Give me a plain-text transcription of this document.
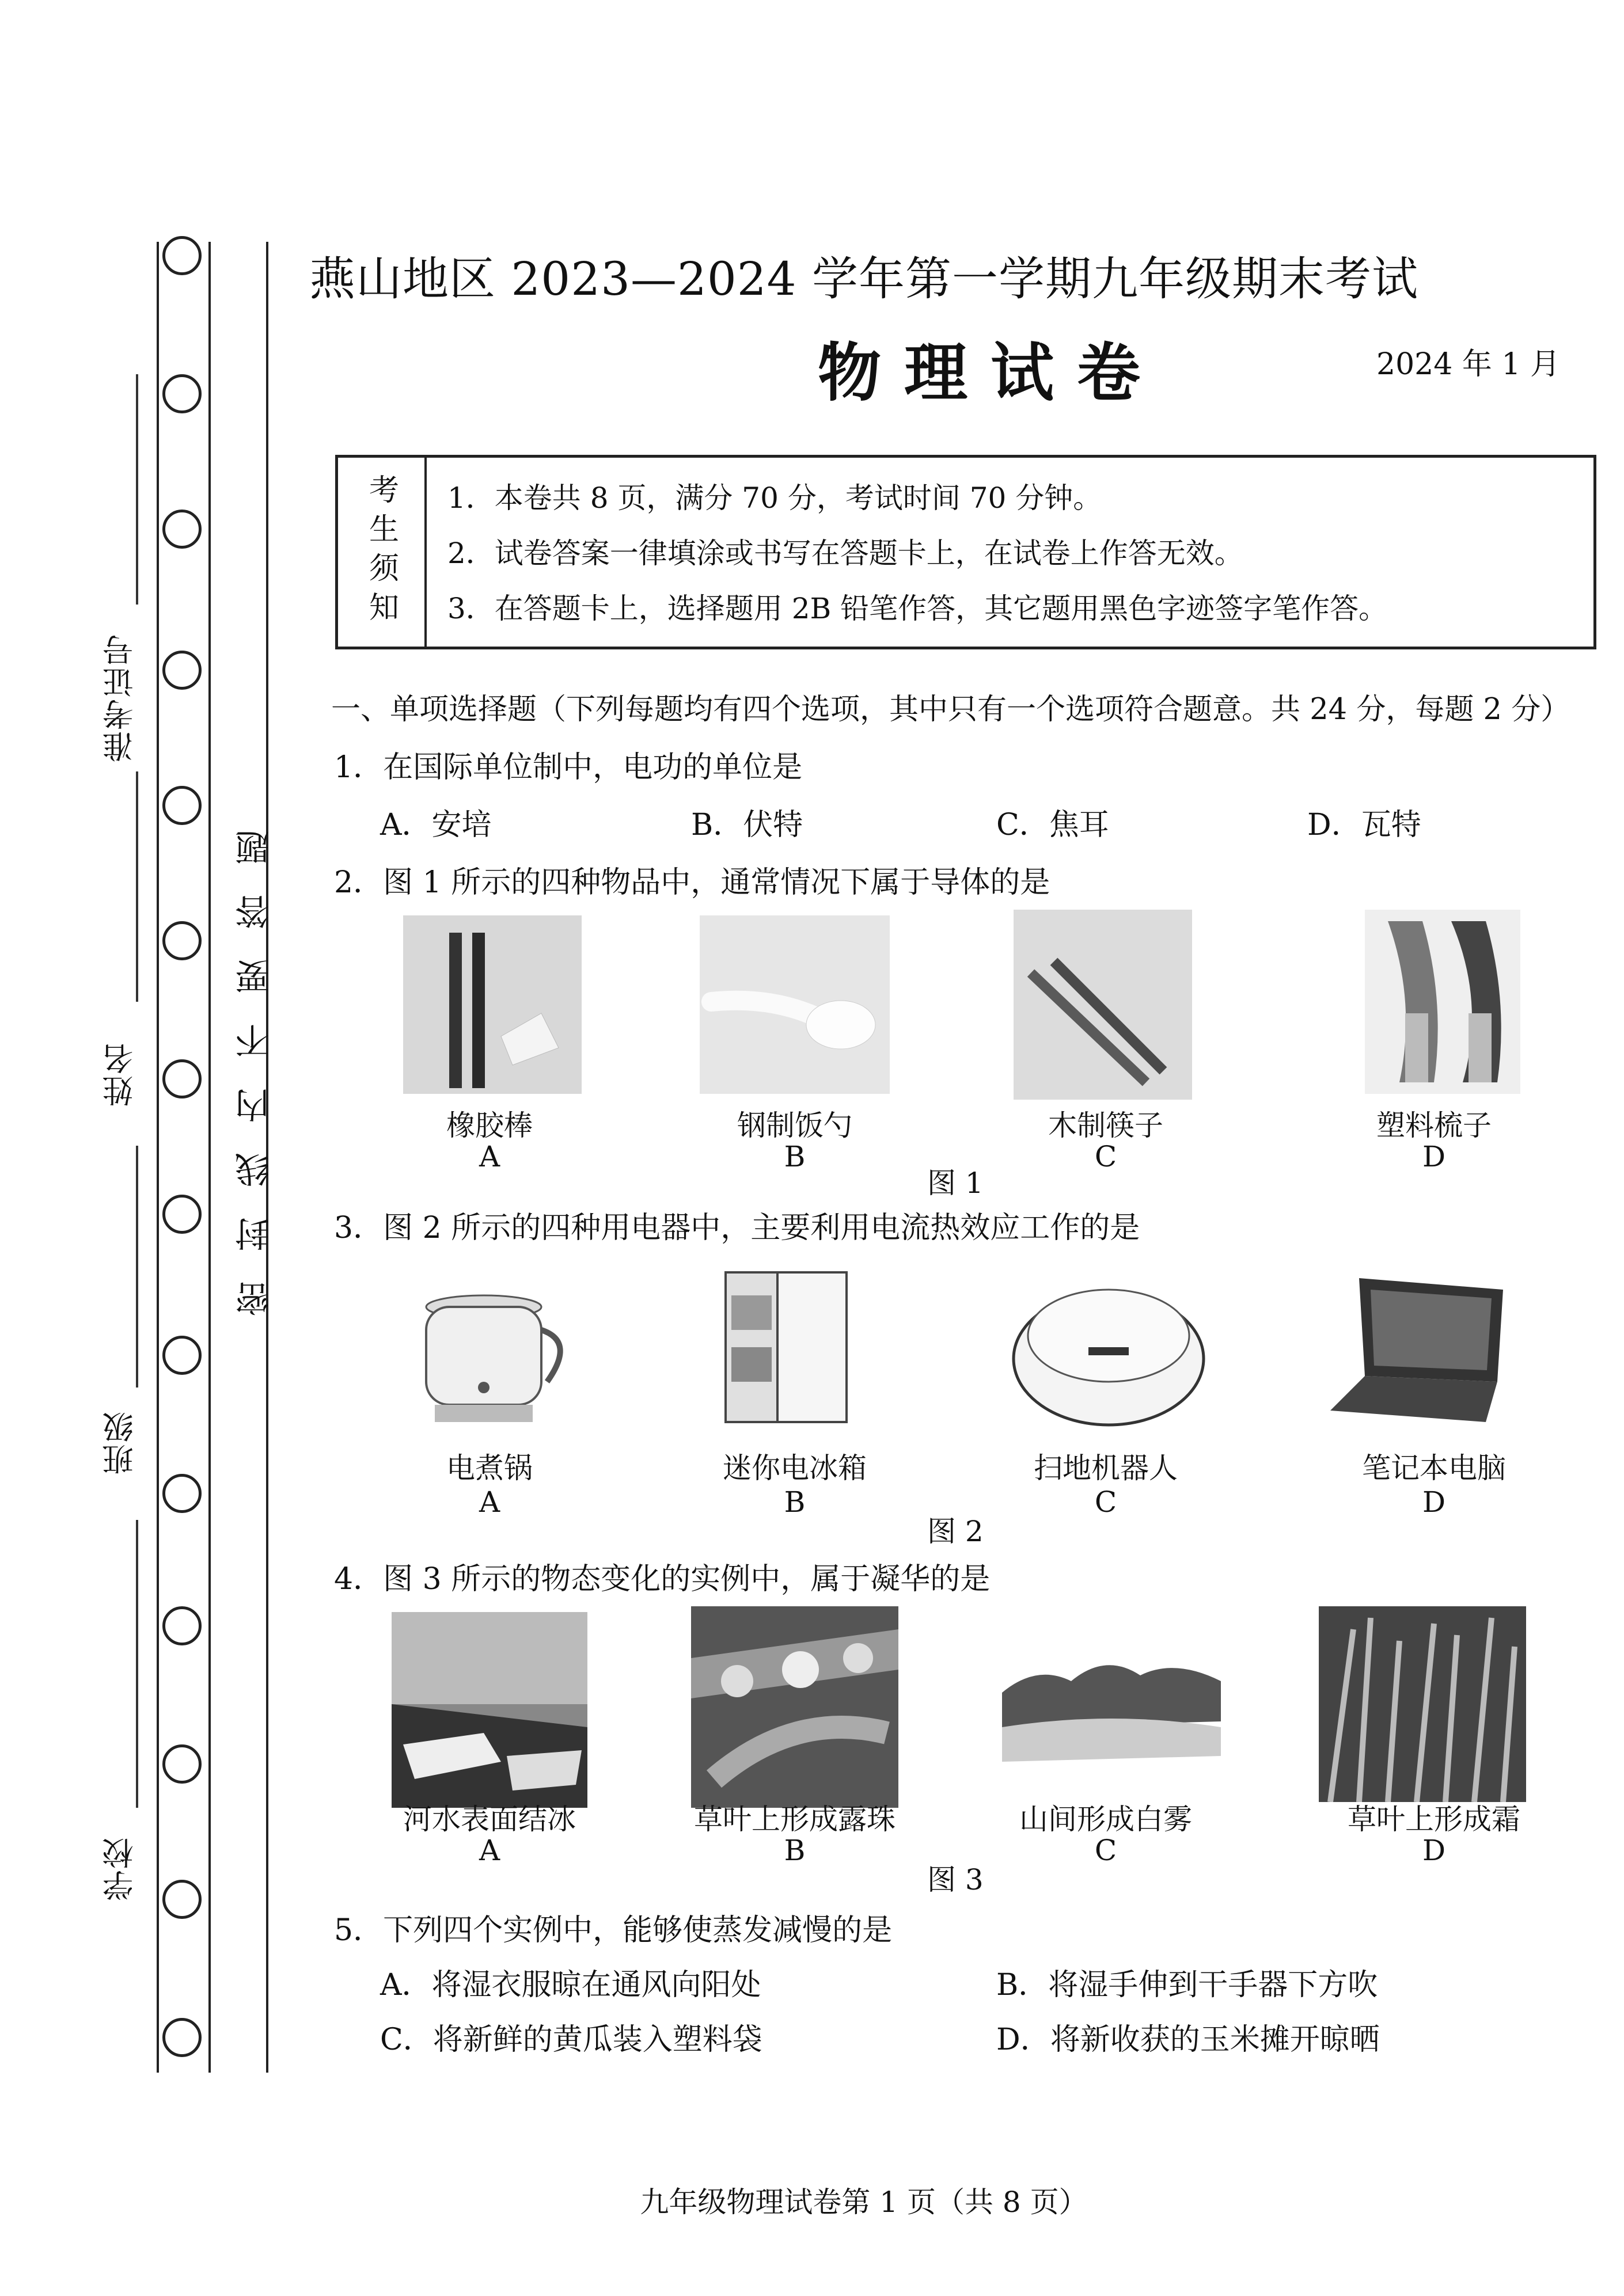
准考证号
姓名
班级
学校
密封线内不要答题
燕山地区 2023—2024 学年第一学期九年级期末考试
物理试卷	2024 年 1 月
考生须知 1．本卷共 8 页，满分 70 分，考试时间 70 分钟。
2．试卷答案一律填涂或书写在答题卡上，在试卷上作答无效。
3．在答题卡上，选择题用 2B 铅笔作答，其它题用黑色字迹签字笔作答。
一、单项选择题（下列每题均有四个选项，其中只有一个选项符合题意。共 24 分，每题 2 分）
1．在国际单位制中，电功的单位是
A．安培	B．伏特	C．焦耳	D．瓦特
2．图 1 所示的四种物品中，通常情况下属于导体的是
橡胶棒
A
钢制饭勺
B
木制筷子
C
塑料梳子
D
图 1
3．图 2 所示的四种用电器中，主要利用电流热效应工作的是
电煮锅
A
迷你电冰箱
B
扫地机器人
C
笔记本电脑
D
图 2
4．图 3 所示的物态变化的实例中，属于凝华的是
河水表面结冰
A
草叶上形成露珠
B
山间形成白雾
C
草叶上形成霜
D
图 3
5．下列四个实例中，能够使蒸发减慢的是
A．将湿衣服晾在通风向阳处	B．将湿手伸到干手器下方吹
C．将新鲜的黄瓜装入塑料袋	D．将新收获的玉米摊开晾晒
九年级物理试卷第 1 页（共 8 页）
